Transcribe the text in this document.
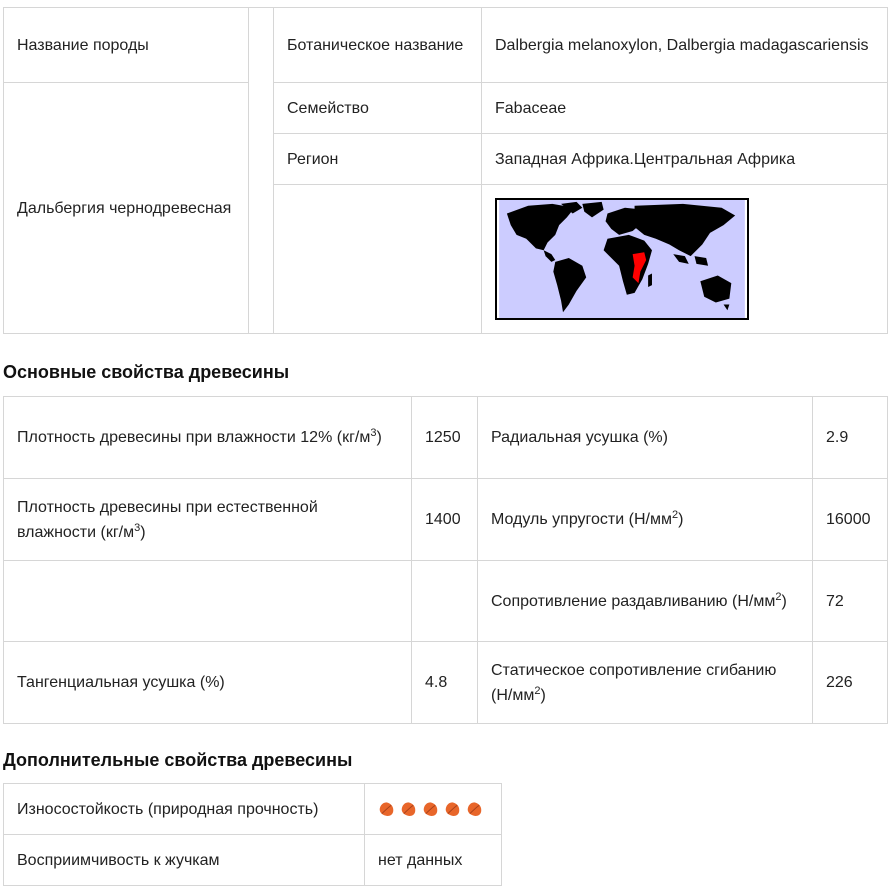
Название породы		Ботаническое название	Dalbergia melanoxylon, Dalbergia madagascariensis
Дальбергия чернодревесная		Семейство	Fabaceae
		Регион	Западная Африка.Центральная Африка

Основные свойства древесины
Плотность древесины при влажности 12% $(кг/м^3)$	1250	Радиальная усушка (%)	2.9
Плотность древесины при естественной влажности $(кг/м^3)$	1400	Модуль упругости $(Н/мм^2)$	16000
		Сопротивление раздавливанию $(Н/мм^2)$	72
Тангенциальная усушка (%)	4.8	Статическое сопротивление сгибанию $(Н/мм^2)$	226
Дополнительные свойства древесины
Износостойкость (природная прочность)	
Восприимчивость к жучкам	нет данных
